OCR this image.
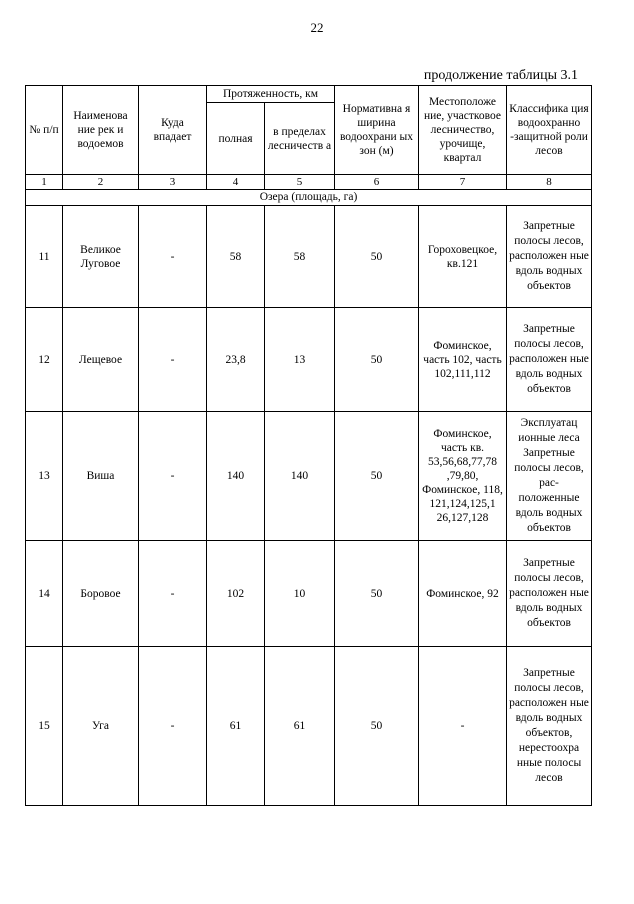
22
продолжение таблицы 3.1
№ п/п	Наименова ние рек и водоемов	Куда впадает	Протяженность, км		Нормативна я ширина водоохрани ых зон (м)	Местоположе ние, участковое лесничество, урочище, квартал	Классифика ция водоохранно -защитной роли лесов
			полная	в пределах лесничеств а			
1	2	3	4	5	6	7	8
Озера (площадь, га)							
11	Великое Луговое	-	58	58	50	Гороховецкое, кв.121	Запретные полосы лесов, расположен ные вдоль водных объектов
12	Лещевое	-	23,8	13	50	Фоминское, часть 102, часть 102,111,112	Запретные полосы лесов, расположен ные вдоль водных объектов
13	Виша	-	140	140	50	Фоминское, часть кв. 53,56,68,77,78 ,79,80, Фоминское, 118, 121,124,125,1 26,127,128	Эксплуатац ионные леса Запретные полосы лесов, рас- положенные вдоль водных объектов
14	Боровое	-	102	10	50	Фоминское, 92	Запретные полосы лесов, расположен ные вдоль водных объектов
15	Уга	-	61	61	50	-	Запретные полосы лесов, расположен ные вдоль водных объектов, нерестоохра нные полосы лесов
